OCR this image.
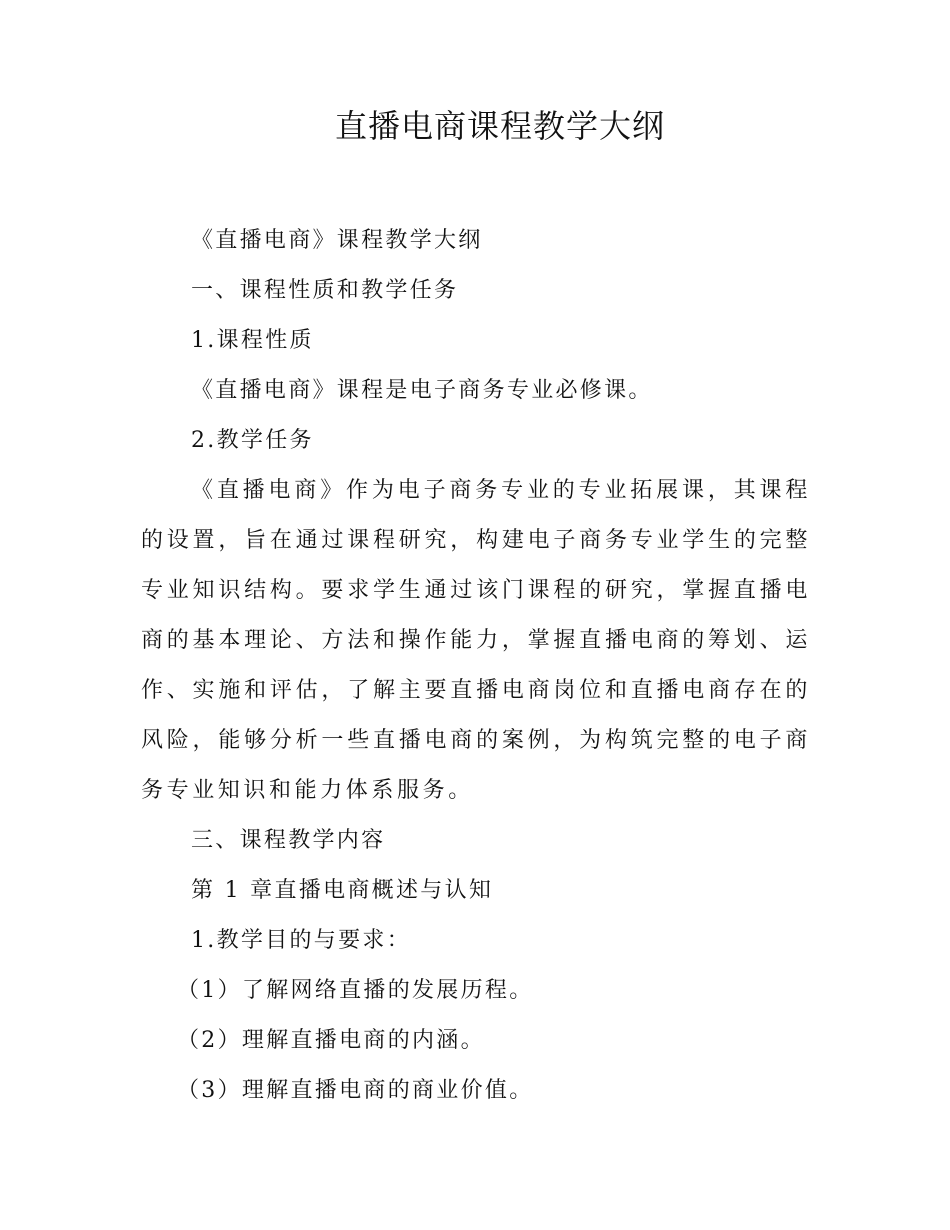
直播电商课程教学大纲

《直播电商》课程教学大纲

一、课程性质和教学任务

1.课程性质

《直播电商》课程是电子商务专业必修课。

2.教学任务

《直播电商》作为电子商务专业的专业拓展课，其课程的设置，旨在通过课程研究，构建电子商务专业学生的完整专业知识结构。要求学生通过该门课程的研究，掌握直播电商的基本理论、方法和操作能力，掌握直播电商的筹划、运作、实施和评估，了解主要直播电商岗位和直播电商存在的风险，能够分析一些直播电商的案例，为构筑完整的电子商务专业知识和能力体系服务。

三、课程教学内容

第 1 章直播电商概述与认知

1.教学目的与要求：

（1）了解网络直播的发展历程。

（2）理解直播电商的内涵。

（3）理解直播电商的商业价值。
